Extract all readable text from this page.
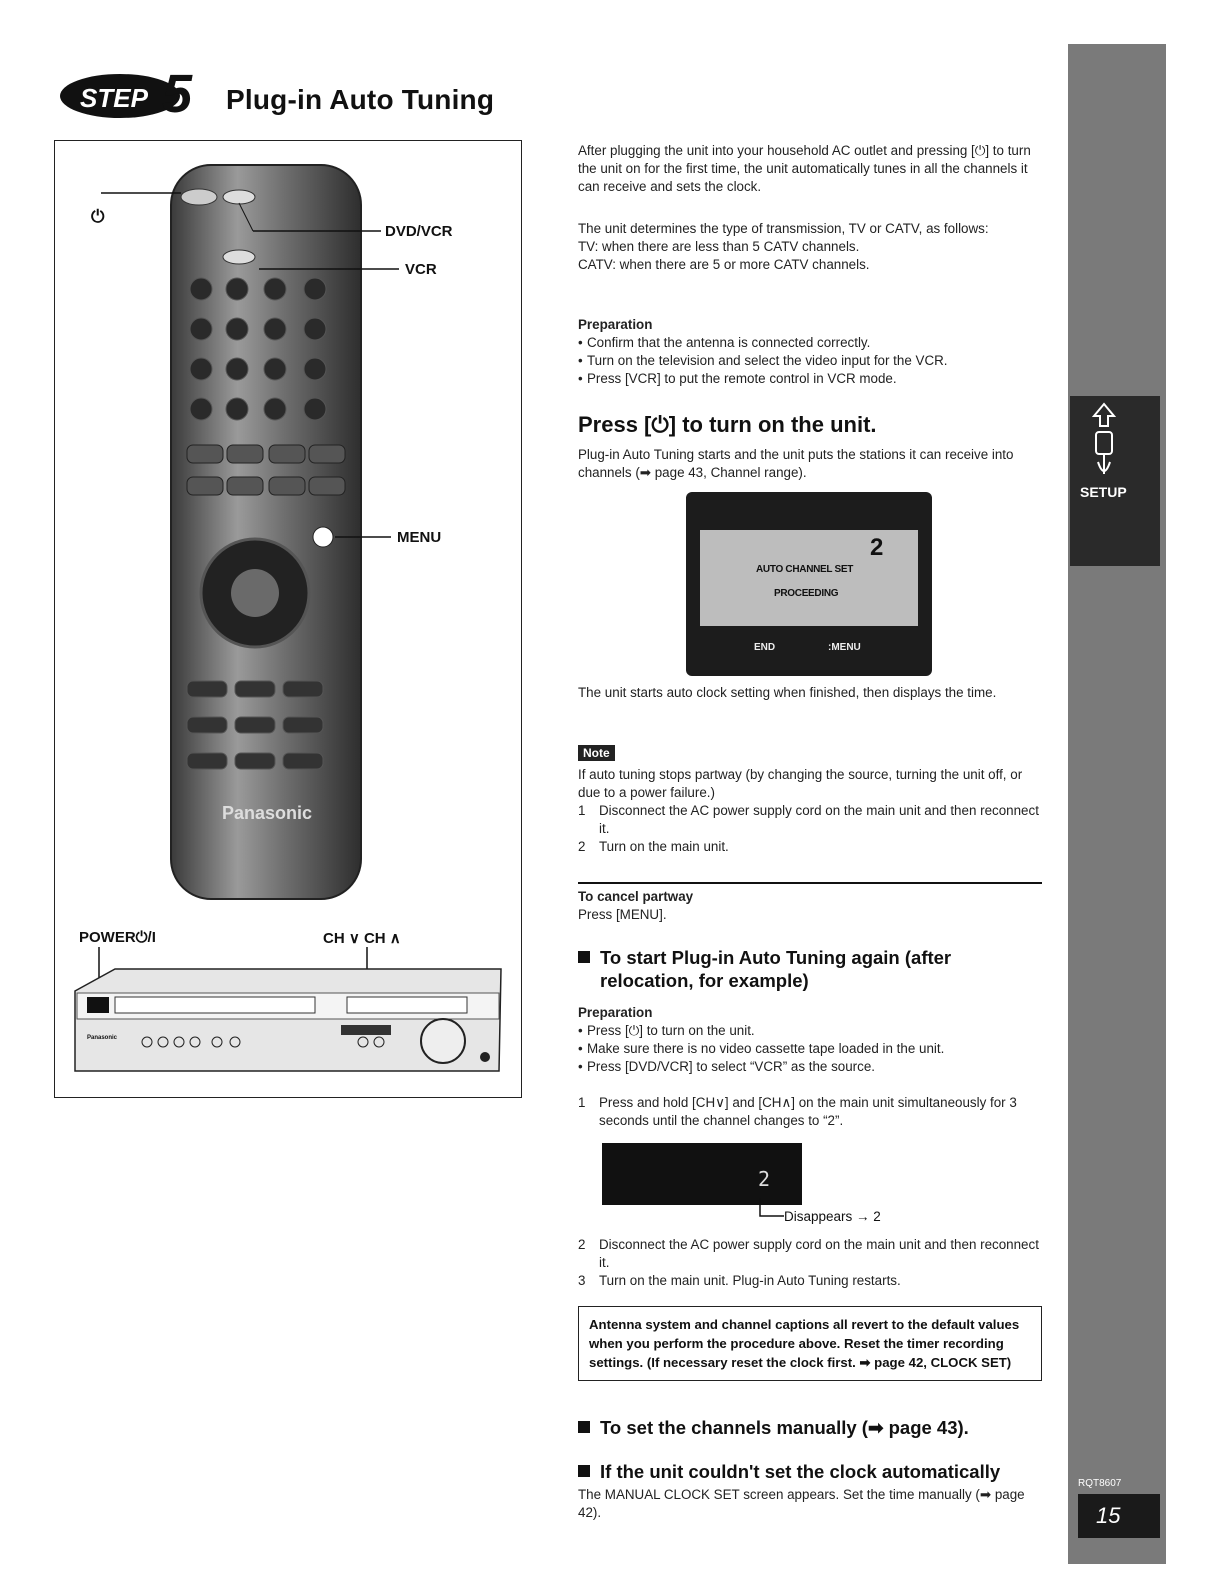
STEP 5 Plug-in Auto Tuning
Panasonic
Panasonic
⏻
DVD/VCR
VCR
MENU
POWER⏻/I	CH ∨ CH ∧

After plugging the unit into your household AC outlet and pressing [⏻] to turn the unit on for the first time, the unit automatically tunes in all the channels it can receive and sets the clock.

The unit determines the type of transmission, TV or CATV, as follows:

TV: when there are less than 5 CATV channels.

CATV: when there are 5 or more CATV channels.

Preparation

• Confirm that the antenna is connected correctly.
• Turn on the television and select the video input for the VCR.
• Press [VCR] to put the remote control in VCR mode.
Press [⏻] to turn on the unit.
Plug-in Auto Tuning starts and the unit puts the stations it can receive into channels (➡ page 43, Channel range).
2
AUTO CHANNEL SET
PROCEEDING
END	:MENU
The unit starts auto clock setting when finished, then displays the time.
Note

If auto tuning stops partway (by changing the source, turning the unit off, or due to a power failure.)

1	Disconnect the AC power supply cord on the main unit and then reconnect it.
2	Turn on the main unit.

To cancel partway

Press [MENU].

To start Plug-in Auto Tuning again (after relocation, for example)

Preparation

• Press [⏻] to turn on the unit.
• Make sure there is no video cassette tape loaded in the unit.
• Press [DVD/VCR] to select “VCR” as the source.
1	Press and hold [CH∨] and [CH∧] on the main unit simultaneously for 3 seconds until the channel changes to “2”.
2
Disappears → 2
2	Disconnect the AC power supply cord on the main unit and then reconnect it.
3	Turn on the main unit. Plug-in Auto Tuning restarts.
Antenna system and channel captions all revert to the default values when you perform the procedure above. Reset the timer recording settings. (If necessary reset the clock first. ➡ page 42, CLOCK SET)
To set the channels manually (➡ page 43).
If the unit couldn't set the clock automatically
The MANUAL CLOCK SET screen appears. Set the time manually (➡ page 42).
SETUP
RQT8607
15
